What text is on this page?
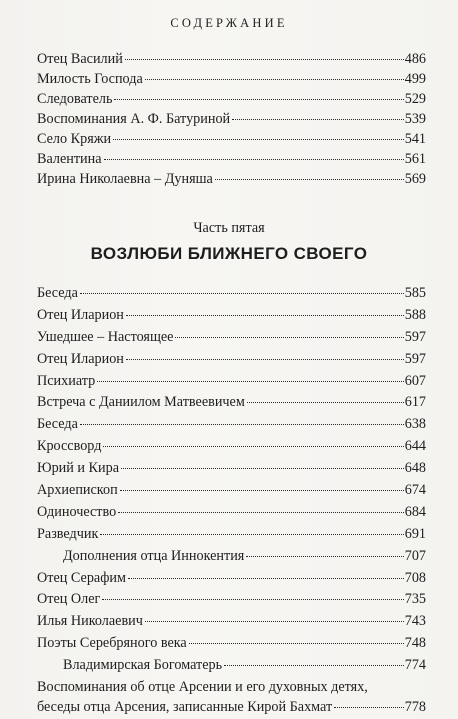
СОДЕРЖАНИЕ
Отец Василий	486
Милость Господа	499
Следователь	529
Воспоминания А. Ф. Батуриной	539
Село Кряжи	541
Валентина	561
Ирина Николаевна – Дуняша	569
Часть пятая
ВОЗЛЮБИ БЛИЖНЕГО СВОЕГО
Беседа	585
Отец Иларион	588
Ушедшее – Настоящее	597
Отец Иларион	597
Психиатр	607
Встреча с Даниилом Матвеевичем	617
Беседа	638
Кроссворд	644
Юрий и Кира	648
Архиепископ	674
Одиночество	684
Разведчик	691
Дополнения отца Иннокентия	707
Отец Серафим	708
Отец Олег	735
Илья Николаевич	743
Поэты Серебряного века	748
Владимирская Богоматерь	774
Воспоминания об отце Арсении и его духовных детях,
беседы отца Арсения, записанные Кирой Бахмат	778
